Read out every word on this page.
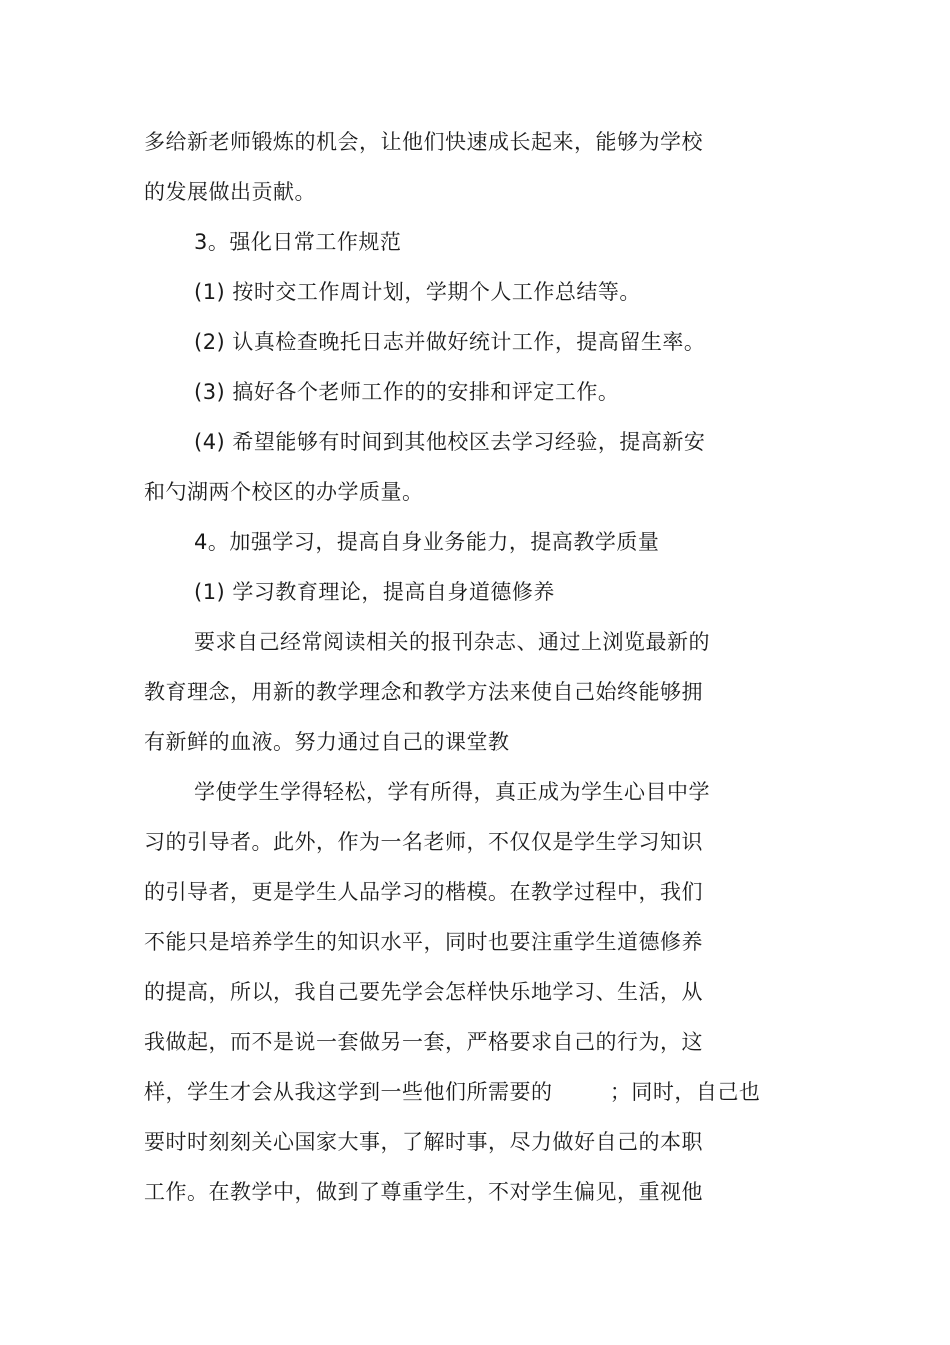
多给新老师锻炼的机会，让他们快速成长起来，能够为学校
的发展做出贡献。
3。强化日常工作规范
(1) 按时交工作周计划，学期个人工作总结等。
(2) 认真检查晚托日志并做好统计工作，提高留生率。
(3) 搞好各个老师工作的的安排和评定工作。
(4) 希望能够有时间到其他校区去学习经验，提高新安
和勺湖两个校区的办学质量。
4。加强学习，提高自身业务能力，提高教学质量
(1) 学习教育理论，提高自身道德修养
要求自己经常阅读相关的报刊杂志、通过上浏览最新的
教育理念，用新的教学理念和教学方法来使自己始终能够拥
有新鲜的血液。努力通过自己的课堂教
学使学生学得轻松，学有所得，真正成为学生心目中学
习的引导者。此外，作为一名老师，不仅仅是学生学习知识
的引导者，更是学生人品学习的楷模。在教学过程中，我们
不能只是培养学生的知识水平，同时也要注重学生道德修养
的提高，所以，我自己要先学会怎样快乐地学习、生活，从
我做起，而不是说一套做另一套，严格要求自己的行为，这
样，学生才会从我这学到一些他们所需要的        ；同时，自己也
要时时刻刻关心国家大事，了解时事，尽力做好自己的本职
工作。在教学中，做到了尊重学生，不对学生偏见，重视他
